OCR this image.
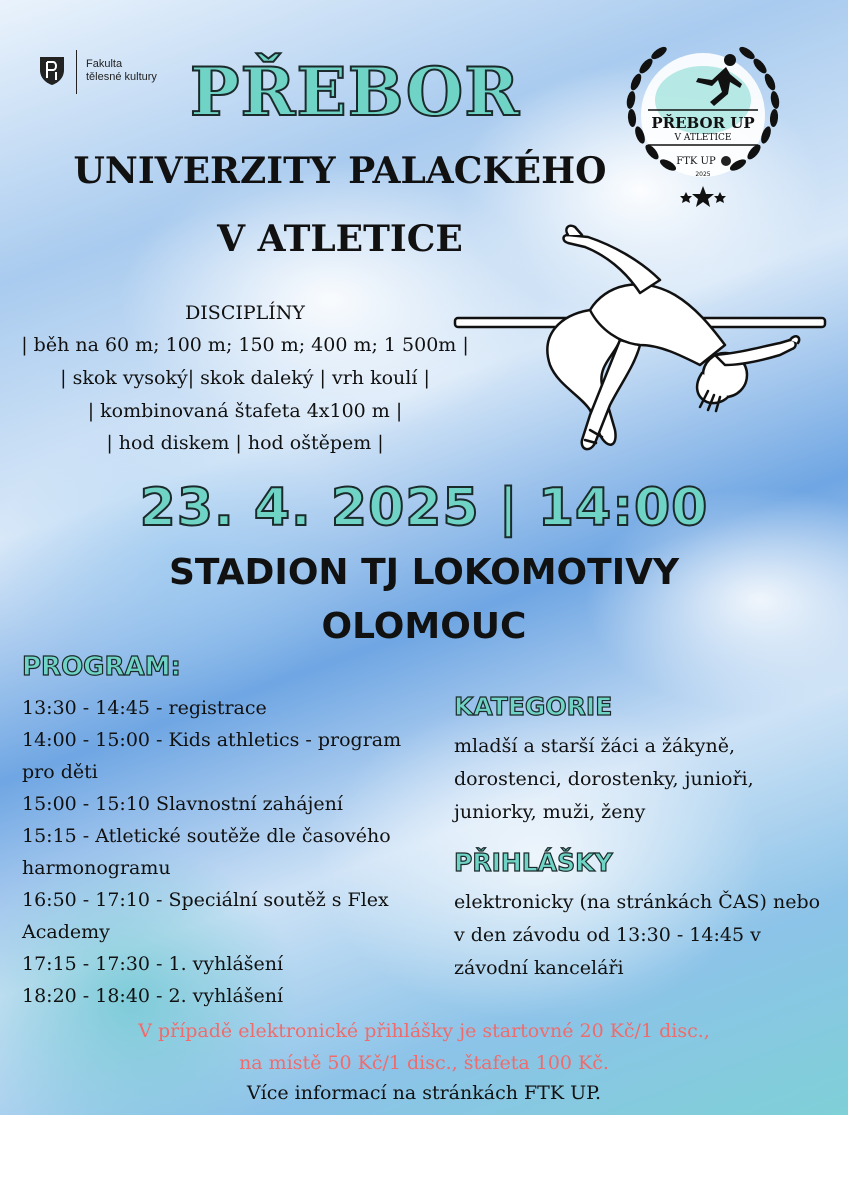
Fakulta
tělesné kultury PŘEBOR
UNIVERZITY PALACKÉHO
V ATLETICE
PŘEBOR UP
V ATLETICE
FTK UP
2025
DISCIPLÍNY
| běh na 60 m; 100 m; 150 m; 400 m; 1 500m |
| skok vysoký| skok daleký | vrh koulí |
| kombinovaná štafeta 4x100 m |
| hod diskem | hod oštěpem |
23. 4. 2025 | 14:00
STADION TJ LOKOMOTIVY
OLOMOUC
PROGRAM:

13:30 - 14:45 - registrace

14:00 - 15:00 - Kids athletics - program pro děti

15:00 - 15:10 Slavnostní zahájení

15:15 - Atletické soutěže dle časového harmonogramu

16:50 - 17:10 - Speciální soutěž s Flex Academy

17:15 - 17:30 - 1. vyhlášení

18:20 - 18:40 - 2. vyhlášení

KATEGORIE
mladší a starší žáci a žákyně, dorostenci, dorostenky, junioři, juniorky, muži, ženy
PŘIHLÁŠKY
elektronicky (na stránkách ČAS) nebo v den závodu od 13:30 - 14:45 v závodní kanceláři
V případě elektronické přihlášky je startovné 20 Kč/1 disc.,
na místě 50 Kč/1 disc., štafeta 100 Kč.
Více informací na stránkách FTK UP.
